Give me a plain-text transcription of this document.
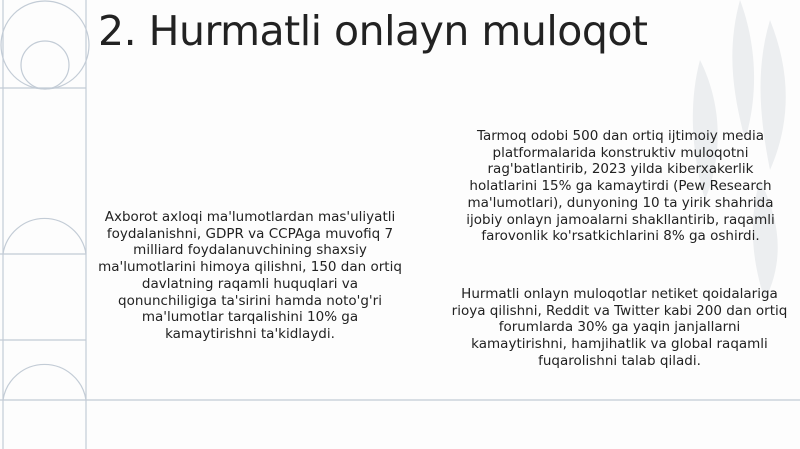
2. Hurmatli onlayn muloqot

Axborot axloqi ma'lumotlardan mas'uliyatli foydalanishni, GDPR va CCPAga muvofiq 7 milliard foydalanuvchining shaxsiy ma'lumotlarini himoya qilishni, 150 dan ortiq davlatning raqamli huquqlari va qonunchiligiga ta'sirini hamda noto'g'ri ma'lumotlar tarqalishini 10% ga kamaytirishni ta'kidlaydi.

Tarmoq odobi 500 dan ortiq ijtimoiy media platformalarida konstruktiv muloqotni rag'batlantirib, 2023 yilda kiberxakerlik holatlarini 15% ga kamaytirdi (Pew Research ma'lumotlari), dunyoning 10 ta yirik shahrida ijobiy onlayn jamoalarni shakllantirib, raqamli farovonlik ko'rsatkichlarini 8% ga oshirdi.

Hurmatli onlayn muloqotlar netiket qoidalariga rioya qilishni, Reddit va Twitter kabi 200 dan ortiq forumlarda 30% ga yaqin janjallarni kamaytirishni, hamjihatlik va global raqamli fuqarolishni talab qiladi.
